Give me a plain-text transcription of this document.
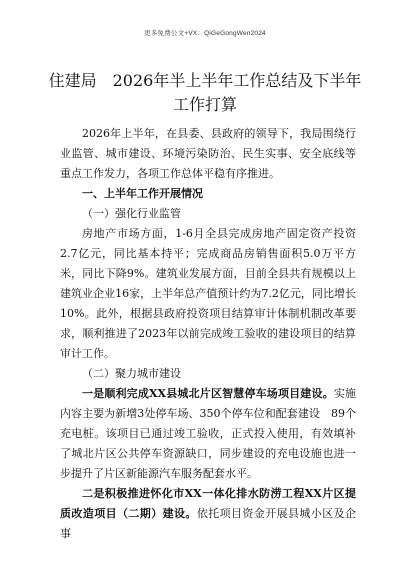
更多免费公文+VX：QiGeGongWen2024
住建局　2026年半上半年工作总结及下半年
工作打算

2026年上半年，在县委、县政府的领导下，我局围绕行业监管、城市建设、环境污染防治、民生实事、安全底线等重点工作发力，各项工作总体平稳有序推进。

一、上半年工作开展情况

（一）强化行业监管

房地产市场方面，1-6月全县完成房地产固定资产投资2.7亿元，同比基本持平；完成商品房销售面积5.0万平方米，同比下降9%。建筑业发展方面，目前全县共有规模以上建筑业企业16家，上半年总产值预计约为7.2亿元，同比增长10%。此外，根据县政府投资项目结算审计体制机制改革要求，顺利推进了2023年以前完成竣工验收的建设项目的结算审计工作。

（二）聚力城市建设

一是顺利完成XX县城北片区智慧停车场项目建设。实施内容主要为新增3处停车场、350个停车位和配套建设　89个充电桩。该项目已通过竣工验收，正式投入使用，有效填补了城北片区公共停车资源缺口，同步建设的充电设施也进一步提升了片区新能源汽车服务配套水平。

二是积极推进怀化市XX一体化排水防涝工程XX片区提质改造项目（二期）建设。依托项目资金开展县城小区及企事
